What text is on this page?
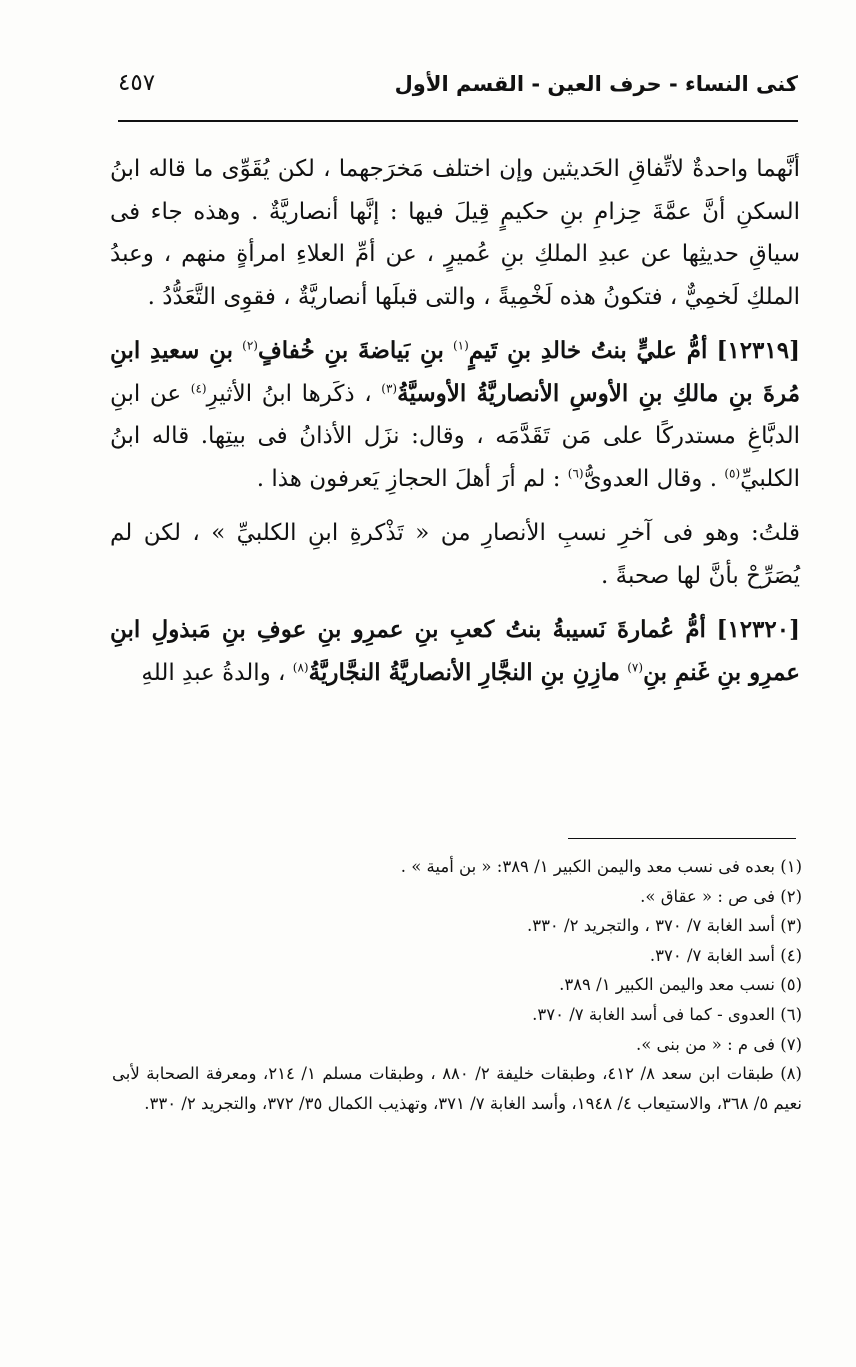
كنى النساء - حرف العين - القسم الأول
٤٥٧

أنَّهما واحدةٌ لاتِّفاقِ الحَديثين وإن اختلف مَخرَجهما ، لكن يُقَوِّى ما قاله ابنُ السكنِ أنَّ عمَّةَ حِزامِ بنِ حكيمٍ قِيلَ فيها : إنَّها أنصاريَّةٌ . وهذه جاء فى سياقِ حديثِها عن عبدِ الملكِ بنِ عُميرٍ ، عن أمِّ العلاءِ امرأةٍ منهم ، وعبدُ الملكِ لَخمِيٌّ ، فتكونُ هذه لَخْمِيةً ، والتى قبلَها أنصاريَّةٌ ، فقوِى التَّعَدُّدُ .

[١٢٣١٩] أمُّ عليٍّ بنتُ خالدِ بنِ تَيمٍ$^{(١)}$ بنِ بَياضةَ بنِ خُفافٍ$^{(٢)}$ بنِ سعيدِ ابنِ مُرةَ بنِ مالكِ بنِ الأوسِ الأنصاريَّةُ الأوسيَّةُ$^{(٣)}$ ، ذكَرها ابنُ الأثيرِ$^{(٤)}$ عن ابنِ الدبَّاغِ مستدركًا على مَن تَقَدَّمَه ، وقال: نزَل الأذانُ فى بيتِها. قاله ابنُ الكلبيِّ$^{(٥)}$ . وقال العدوىُّ$^{(٦)}$ : لم أرَ أهلَ الحجازِ يَعرفون هذا .

قلتُ: وهو فى آخرِ نسبِ الأنصارِ من « تَذْكرةِ ابنِ الكلبيِّ » ، لكن لم يُصَرِّحْ بأنَّ لها صحبةً .

[١٢٣٢٠] أمُّ عُمارةَ نَسيبةُ بنتُ كعبِ بنِ عمرِو بنِ عوفِ بنِ مَبذولِ ابنِ عمرِو بنِ غَنمِ بنِ$^{(٧)}$ مازِنِ بنِ النجَّارِ الأنصاريَّةُ النجَّاريَّةُ$^{(٨)}$ ، والدةُ عبدِ اللهِ

(١) بعده فى نسب معد واليمن الكبير ١/ ٣٨٩: « بن أمية » .

(٢) فى ص : « عقاق ».

(٣) أسد الغابة ٧/ ٣٧٠ ، والتجريد ٢/ ٣٣٠.

(٤) أسد الغابة ٧/ ٣٧٠.

(٥) نسب معد واليمن الكبير ١/ ٣٨٩.

(٦) العدوى - كما فى أسد الغابة ٧/ ٣٧٠.

(٧) فى م : « من بنى ».

(٨) طبقات ابن سعد ٨/ ٤١٢، وطبقات خليفة ٢/ ٨٨٠ ، وطبقات مسلم ١/ ٢١٤، ومعرفة الصحابة لأبى نعيم ٥/ ٣٦٨، والاستيعاب ٤/ ١٩٤٨، وأسد الغابة ٧/ ٣٧١، وتهذيب الكمال ٣٥/ ٣٧٢، والتجريد ٢/ ٣٣٠.
